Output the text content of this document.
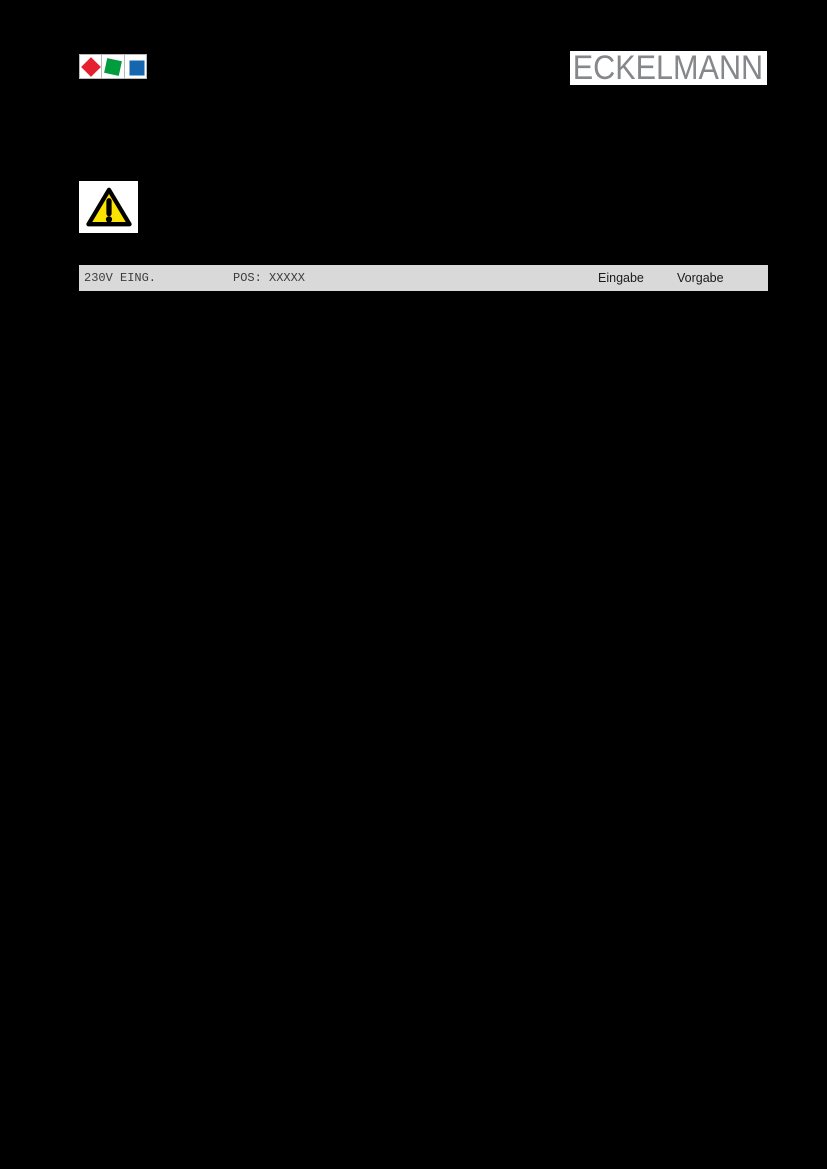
ECKELMANN
230V EING.	POS: XXXXX	Eingabe	Vorgabe
